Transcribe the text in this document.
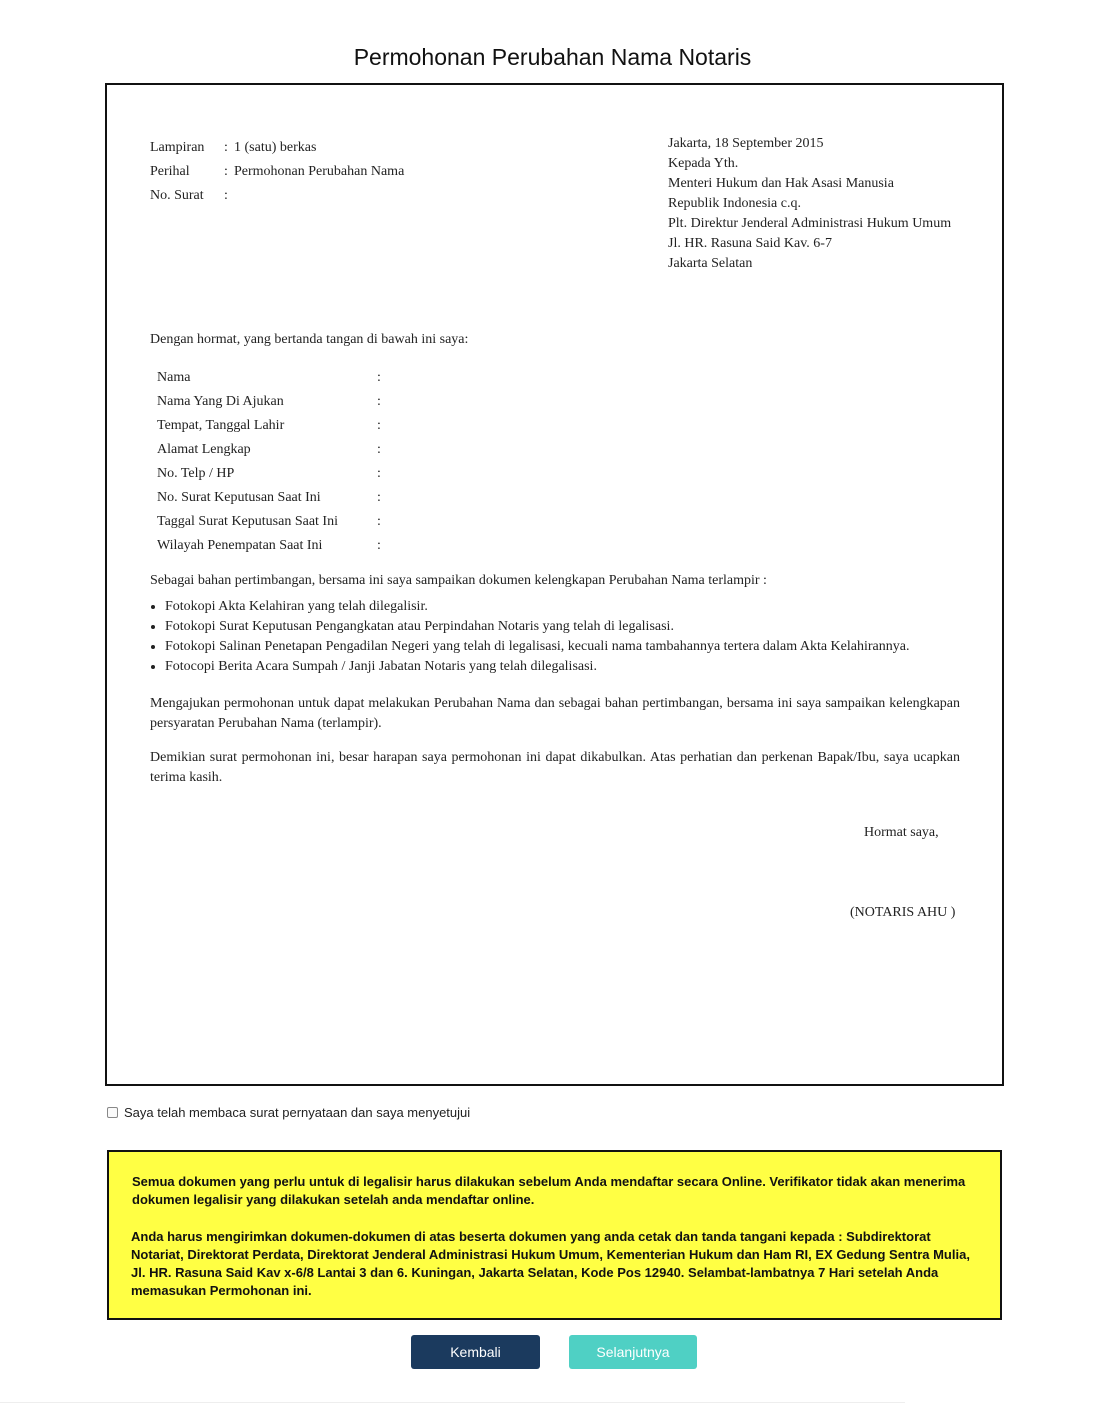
Permohonan Perubahan Nama Notaris
Lampiran : 1 (satu) berkas
Perihal : Permohonan Perubahan Nama
No. Surat :
Jakarta, 18 September 2015
Kepada Yth.
Menteri Hukum dan Hak Asasi Manusia
Republik Indonesia c.q.
Plt. Direktur Jenderal Administrasi Hukum Umum
Jl. HR. Rasuna Said Kav. 6-7
Jakarta Selatan
Dengan hormat, yang bertanda tangan di bawah ini saya:
Nama	:
Nama Yang Di Ajukan	:
Tempat, Tanggal Lahir	:
Alamat Lengkap	:
No. Telp / HP	:
No. Surat Keputusan Saat Ini	:
Taggal Surat Keputusan Saat Ini	:
Wilayah Penempatan Saat Ini	:
Sebagai bahan pertimbangan, bersama ini saya sampaikan dokumen kelengkapan Perubahan Nama terlampir :
• Fotokopi Akta Kelahiran yang telah dilegalisir.
• Fotokopi Surat Keputusan Pengangkatan atau Perpindahan Notaris yang telah di legalisasi.
• Fotokopi Salinan Penetapan Pengadilan Negeri yang telah di legalisasi, kecuali nama tambahannya tertera dalam Akta Kelahirannya.
• Fotocopi Berita Acara Sumpah / Janji Jabatan Notaris yang telah dilegalisasi.

Mengajukan permohonan untuk dapat melakukan Perubahan Nama dan sebagai bahan pertimbangan, bersama ini saya sampaikan kelengkapan persyaratan Perubahan Nama (terlampir).

Demikian surat permohonan ini, besar harapan saya permohonan ini dapat dikabulkan. Atas perhatian dan perkenan Bapak/Ibu, saya ucapkan terima kasih.

Hormat saya,
(NOTARIS AHU )
Saya telah membaca surat pernyataan dan saya menyetujui

Semua dokumen yang perlu untuk di legalisir harus dilakukan sebelum Anda mendaftar secara Online. Verifikator tidak akan menerima dokumen legalisir yang dilakukan setelah anda mendaftar online.

Anda harus mengirimkan dokumen-dokumen di atas beserta dokumen yang anda cetak dan tanda tangani kepada : Subdirektorat Notariat, Direktorat Perdata, Direktorat Jenderal Administrasi Hukum Umum, Kementerian Hukum dan Ham RI, EX Gedung Sentra Mulia, Jl. HR. Rasuna Said Kav x-6/8 Lantai 3 dan 6. Kuningan, Jakarta Selatan, Kode Pos 12940. Selambat-lambatnya 7 Hari setelah Anda memasukan Permohonan ini.

Kembali	Selanjutnya
